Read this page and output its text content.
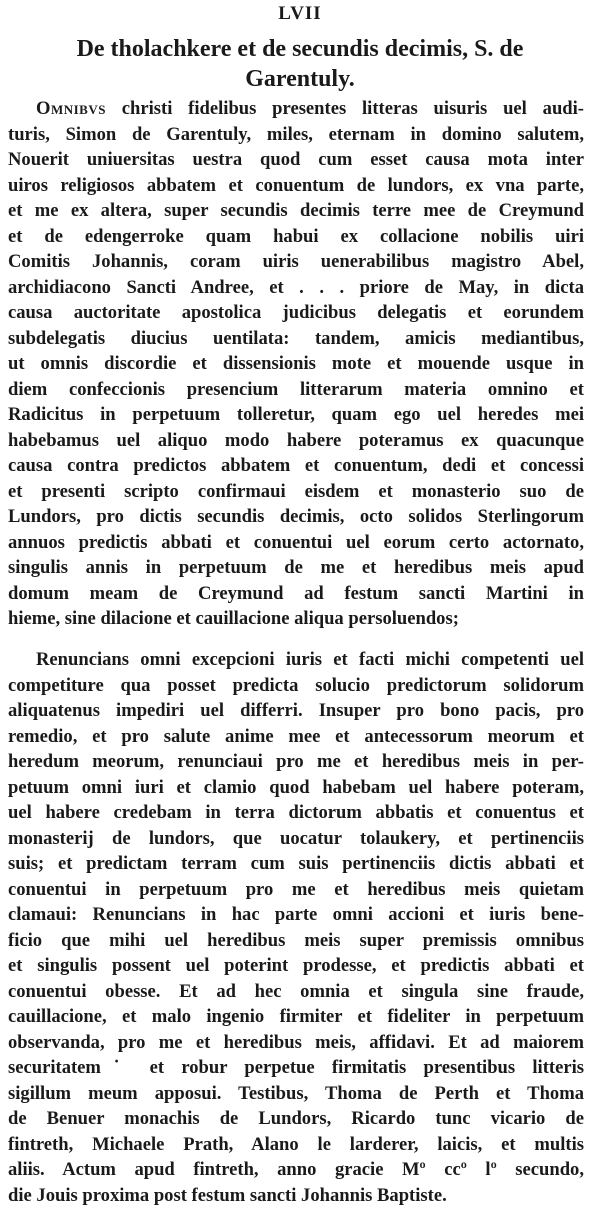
LVII
De tholachkere et de secundis decimis, S. de Garentuly.

Omnibvs christi fidelibus presentes litteras uisuris uel audi-
turis, Simon de Garentuly, miles, eternam in domino salutem,
Nouerit uniuersitas uestra quod cum esset causa mota inter
uiros religiosos abbatem et conuentum de lundors, ex vna parte,
et me ex altera, super secundis decimis terre mee de Creymund
et de edengerroke quam habui ex collacione nobilis uiri
Comitis Johannis, coram uiris uenerabilibus magistro Abel,
archidiacono Sancti Andree, et . . . priore de May, in dicta
causa auctoritate apostolica judicibus delegatis et eorundem
subdelegatis diucius uentilata: tandem, amicis mediantibus,
ut omnis discordie et dissensionis mote et mouende usque in
diem confeccionis presencium litterarum materia omnino et
Radicitus in perpetuum tolleretur, quam ego uel heredes mei
habebamus uel aliquo modo habere poteramus ex quacunque
causa contra predictos abbatem et conuentum, dedi et concessi
et presenti scripto confirmaui eisdem et monasterio suo de
Lundors, pro dictis secundis decimis, octo solidos Sterlingorum
annuos predictis abbati et conuentui uel eorum certo actornato,
singulis annis in perpetuum de me et heredibus meis apud
domum meam de Creymund ad festum sancti Martini in
hieme, sine dilacione et cauillacione aliqua persoluendos;

Renuncians omni excepcioni iuris et facti michi competenti uel
competiture qua posset predicta solucio predictorum solidorum
aliquatenus impediri uel differri. Insuper pro bono pacis, pro
remedio, et pro salute anime mee et antecessorum meorum et
heredum meorum, renunciaui pro me et heredibus meis in per-
petuum omni iuri et clamio quod habebam uel habere poteram,
uel habere credebam in terra dictorum abbatis et conuentus et
monasterij de lundors, que uocatur tolaukery, et pertinenciis
suis; et predictam terram cum suis pertinenciis dictis abbati et
conuentui in perpetuum pro me et heredibus meis quietam
clamaui: Renuncians in hac parte omni accioni et iuris bene-
ficio que mihi uel heredibus meis super premissis omnibus
et singulis possent uel poterint prodesse, et predictis abbati et
conuentui obesse. Et ad hec omnia et singula sine fraude,
cauillacione, et malo ingenio firmiter et fideliter in perpetuum
observanda, pro me et heredibus meis, affidavi. Et ad maiorem
securitatem˙ et robur perpetue firmitatis presentibus litteris
sigillum meum apposui. Testibus, Thoma de Perth et Thoma
de Benuer monachis de Lundors, Ricardo tunc vicario de
fintreth, Michaele Prath, Alano le larderer, laicis, et multis
aliis. Actum apud fintreth, anno gracie Mº ccº lº secundo,
die Jouis proxima post festum sancti Johannis Baptiste.
